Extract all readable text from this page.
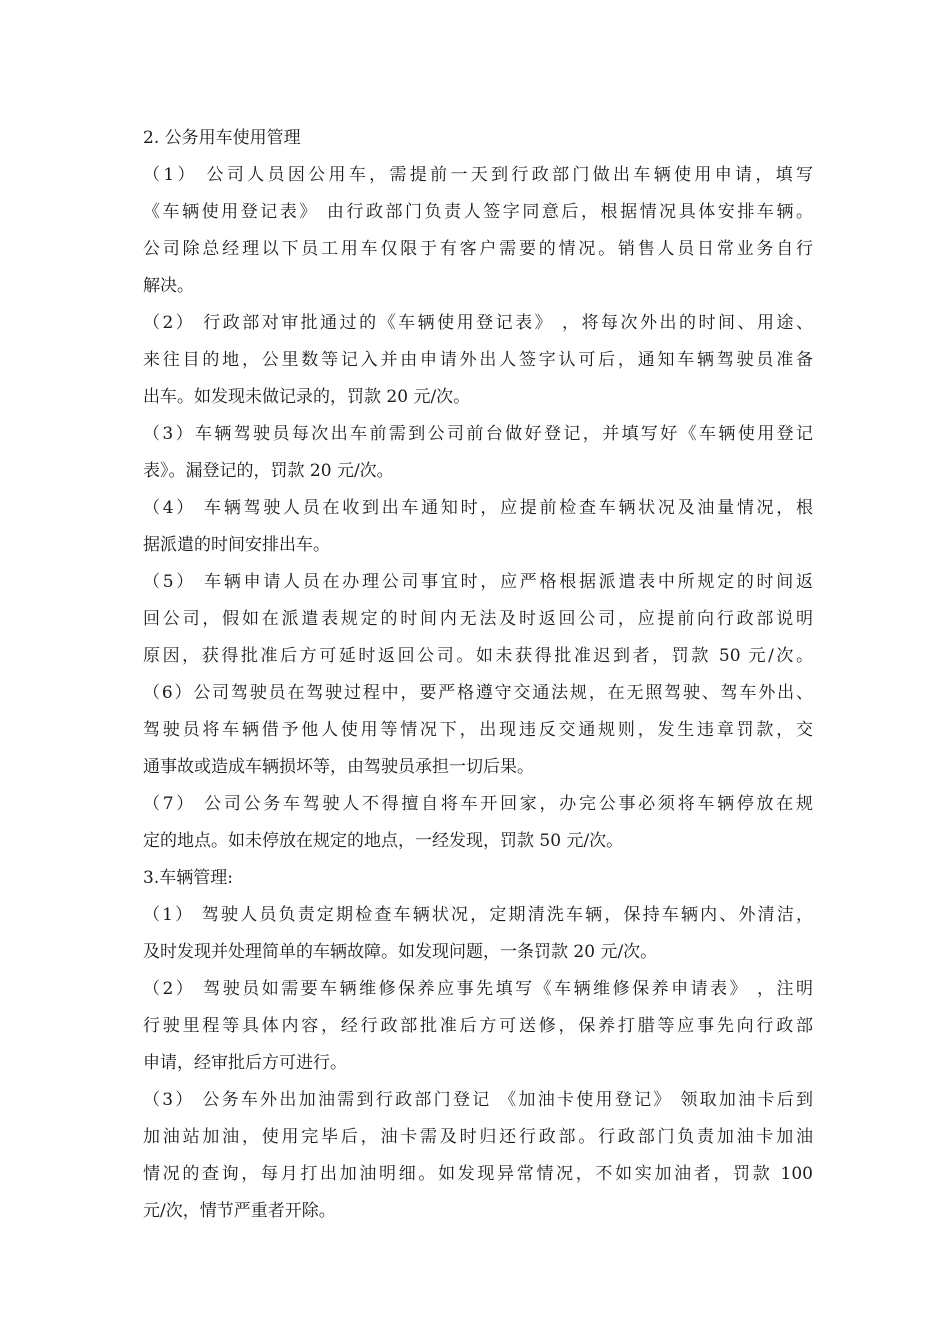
2. 公务用车使用管理
（1） 公司人员因公用车，需提前一天到行政部门做出车辆使用申请，填写
《车辆使用登记表》 由行政部门负责人签字同意后，根据情况具体安排车辆。
公司除总经理以下员工用车仅限于有客户需要的情况。销售人员日常业务自行
解决。
（2） 行政部对审批通过的《车辆使用登记表》 ，将每次外出的时间、用途、
来往目的地，公里数等记入并由申请外出人签字认可后，通知车辆驾驶员准备
出车。如发现未做记录的，罚款 20 元/次。
（3）车辆驾驶员每次出车前需到公司前台做好登记，并填写好《车辆使用登记
表》。漏登记的，罚款 20 元/次。
（4） 车辆驾驶人员在收到出车通知时，应提前检查车辆状况及油量情况，根
据派遣的时间安排出车。
（5） 车辆申请人员在办理公司事宜时，应严格根据派遣表中所规定的时间返
回公司，假如在派遣表规定的时间内无法及时返回公司，应提前向行政部说明
原因，获得批准后方可延时返回公司。如未获得批准迟到者，罚款 50 元/次。
（6）公司驾驶员在驾驶过程中，要严格遵守交通法规，在无照驾驶、驾车外出、
驾驶员将车辆借予他人使用等情况下，出现违反交通规则，发生违章罚款，交
通事故或造成车辆损坏等，由驾驶员承担一切后果。
（7） 公司公务车驾驶人不得擅自将车开回家，办完公事必须将车辆停放在规
定的地点。如未停放在规定的地点，一经发现，罚款 50 元/次。
3.车辆管理:
（1） 驾驶人员负责定期检查车辆状况，定期清洗车辆，保持车辆内、外清洁，
及时发现并处理简单的车辆故障。如发现问题，一条罚款 20 元/次。
（2） 驾驶员如需要车辆维修保养应事先填写《车辆维修保养申请表》 ，注明
行驶里程等具体内容，经行政部批准后方可送修，保养打腊等应事先向行政部
申请，经审批后方可进行。
（3） 公务车外出加油需到行政部门登记 《加油卡使用登记》 领取加油卡后到
加油站加油，使用完毕后，油卡需及时归还行政部。行政部门负责加油卡加油
情况的查询，每月打出加油明细。如发现异常情况，不如实加油者，罚款 100
元/次，情节严重者开除。
